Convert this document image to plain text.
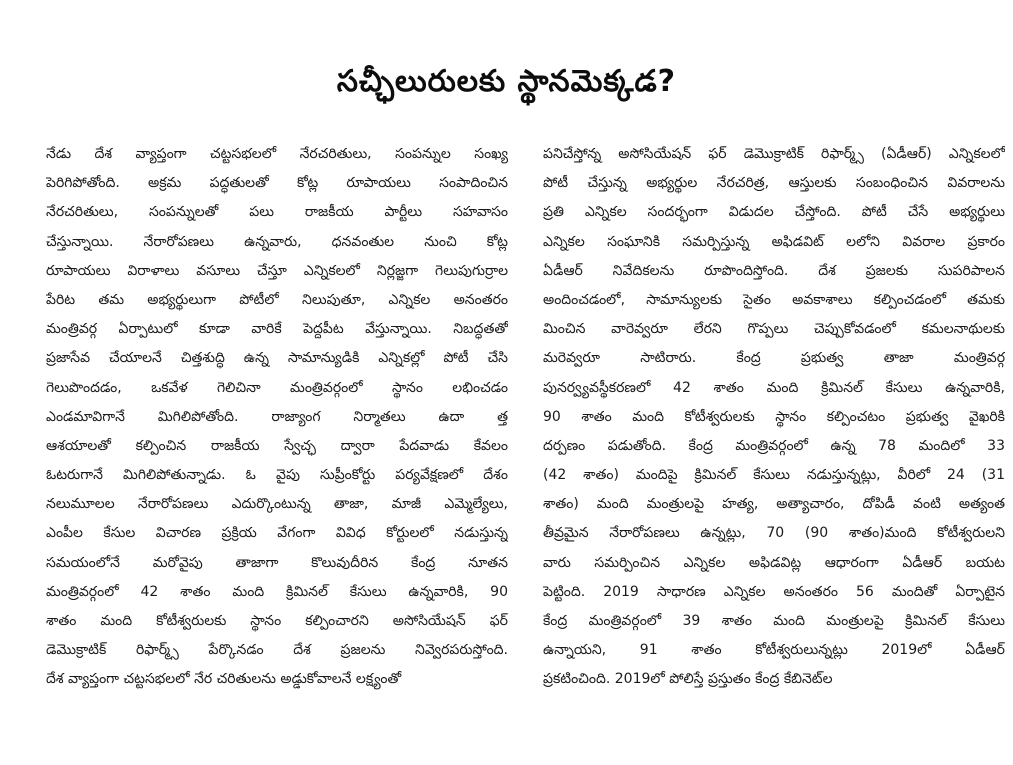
సచ్ఛీలురులకు స్థానమెక్కడ?
నేడు దేశ వ్యాప్తంగా చట్టసభలలో నేరచరితులు, సంపన్నుల సంఖ్య
పెరిగిపోతోంది. అక్రమ పద్ధతులతో కోట్ల రూపాయలు సంపాదించిన
నేరచరితులు, సంపన్నులతో పలు రాజకీయ పార్టీలు సహవాసం
చేస్తున్నాయి. నేరారోపణలు ఉన్నవారు, ధనవంతుల నుంచి కోట్ల
రూపాయలు విరాళాలు వసూలు చేస్తూ ఎన్నికలలో నిర్లజ్జగా గెలుపుగుర్రాల
పేరిట తమ అభ్యర్థులుగా పోటీలో నిలుపుతూ, ఎన్నికల అనంతరం
మంత్రివర్గ ఏర్పాటులో కూడా వారికే పెద్దపీట వేస్తున్నాయి. నిబద్ధతతో
ప్రజాసేవ చేయాలనే చిత్తశుద్ధి ఉన్న సామాన్యుడికి ఎన్నికల్లో పోటీ చేసి
గెలుపొందడం, ఒకవేళ గెలిచినా మంత్రివర్గంలో స్థానం లభించడం
ఎండమావిగానే మిగిలిపోతోంది. రాజ్యాంగ నిర్మాతలు ఉదా త్త
ఆశయాలతో కల్పించిన రాజకీయ స్వేచ్ఛ ద్వారా పేదవాడు కేవలం
ఓటరుగానే మిగిలిపోతున్నాడు. ఓ వైపు సుప్రీంకోర్టు పర్యవేక్షణలో దేశం
నలుమూలల నేరారోపణలు ఎదుర్కొంటున్న తాజా, మాజీ ఎమ్మెల్యేలు,
ఎంపీల కేసుల విచారణ ప్రక్రియ వేగంగా వివిధ కోర్టులలో నడుస్తున్న
సమయంలోనే మరోవైపు తాజాగా కొలువుదీరిన కేంద్ర నూతన
మంత్రివర్గంలో 42 శాతం మంది క్రిమినల్ కేసులు ఉన్నవారికి, 90
శాతం మంది కోటీశ్వరులకు స్థానం కల్పించారని అసోసియేషన్ ఫర్
డెమొక్రాటిక్ రిఫార్మ్స్ పేర్కొనడం దేశ ప్రజలను నివ్వెరపరుస్తోంది.
దేశ వ్యాప్తంగా చట్టసభలలో నేర చరితులను అడ్డుకోవాలనే లక్ష్యంతో
పనిచేస్తోన్న అసోసియేషన్ ఫర్ డెమొక్రాటిక్ రిఫార్మ్స్ (ఏడీఆర్) ఎన్నికలలో
పోటీ చేస్తున్న అభ్యర్థుల నేరచరిత్ర, ఆస్తులకు సంబంధించిన వివరాలను
ప్రతి ఎన్నికల సందర్భంగా విడుదల చేస్తోంది. పోటీ చేసే అభ్యర్థులు
ఎన్నికల సంఘానికి సమర్పిస్తున్న అఫిడవిట్ లలోని వివరాల ప్రకారం
ఏడీఆర్ నివేదికలను రూపొందిస్తోంది. దేశ ప్రజలకు సుపరిపాలన
అందించడంలో, సామాన్యులకు సైతం అవకాశాలు కల్పించడంలో తమకు
మించిన వారెవ్వరూ లేరని గొప్పలు చెప్పుకోవడంలో కమలనాథులకు
మరెవ్వరూ సాటిరారు. కేంద్ర ప్రభుత్వ తాజా మంత్రివర్గ
పునర్వ్యవస్థీకరణలో 42 శాతం మంది క్రిమినల్ కేసులు ఉన్నవారికి,
90 శాతం మంది కోటీశ్వరులకు స్థానం కల్పించటం ప్రభుత్వ వైఖరికి
దర్పణం పడుతోంది. కేంద్ర మంత్రివర్గంలో ఉన్న 78 మందిలో 33
(42 శాతం) మందిపై క్రిమినల్ కేసులు నడుస్తున్నట్లు, వీరిలో 24 (31
శాతం) మంది మంత్రులపై హత్య, అత్యాచారం, దోపిడీ వంటి అత్యంత
తీవ్రమైన నేరారోపణలు ఉన్నట్లు, 70 (90 శాతం)మంది కోటీశ్వరులని
వారు సమర్పించిన ఎన్నికల అఫిడవిట్ల ఆధారంగా ఏడీఆర్ బయట
పెట్టింది. 2019 సాధారణ ఎన్నికల అనంతరం 56 మందితో ఏర్పాటైన
కేంద్ర మంత్రివర్గంలో 39 శాతం మంది మంత్రులపై క్రిమినల్ కేసులు
ఉన్నాయని, 91 శాతం కోటీశ్వరులున్నట్లు 2019లో ఏడీఆర్
ప్రకటించింది. 2019లో పోలిస్తే ప్రస్తుతం కేంద్ర కేబినెట్‌ల
